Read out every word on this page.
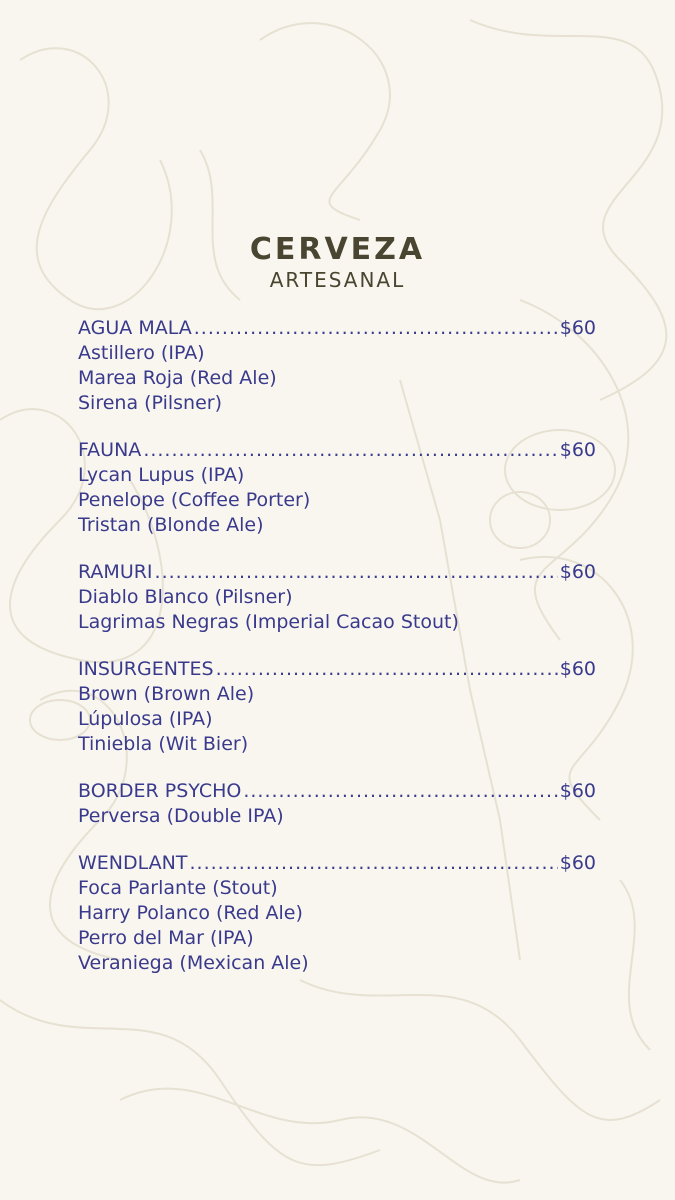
CERVEZA
ARTESANAL
AGUA MALA .....	$60
Astillero (IPA)
Marea Roja (Red Ale)
Sirena (Pilsner)
FAUNA .....	$60
Lycan Lupus (IPA)
Penelope (Coffee Porter)
Tristan (Blonde Ale)
RAMURI .....	$60
Diablo Blanco (Pilsner)
Lagrimas Negras (Imperial Cacao Stout)
INSURGENTES .....	$60
Brown (Brown Ale)
Lúpulosa (IPA)
Tiniebla (Wit Bier)
BORDER PSYCHO .....	$60
Perversa (Double IPA)
WENDLANT .....	$60
Foca Parlante (Stout)
Harry Polanco (Red Ale)
Perro del Mar (IPA)
Veraniega (Mexican Ale)
